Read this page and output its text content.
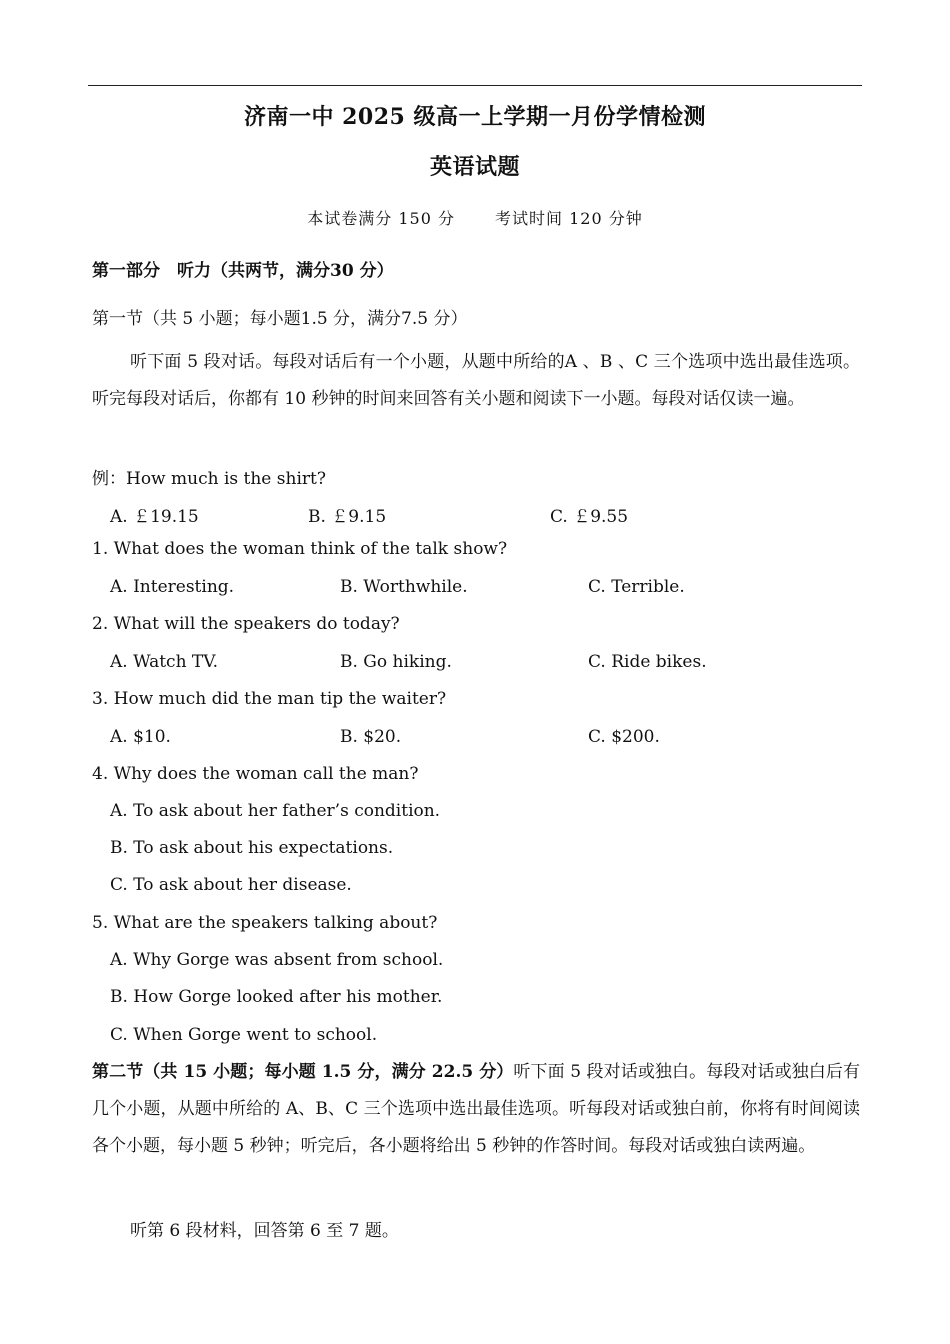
济南一中 2025 级高一上学期一月份学情检测
英语试题
本试卷满分 150 分	考试时间 120 分钟
第一部分　听力（共两节，满分30 分）
第一节（共 5 小题；每小题1.5 分，满分7.5 分）
听下面 5 段对话。每段对话后有一个小题，从题中所给的A 、B 、C 三个选项中选出最佳选项。听完每段对话后，你都有 10 秒钟的时间来回答有关小题和阅读下一小题。每段对话仅读一遍。
例：How much is the shirt?
A. ￡19.15	B. ￡9.15	C. ￡9.55
1. What does the woman think of the talk show?
A. Interesting.	B. Worthwhile.	C. Terrible.
2. What will the speakers do today?
A. Watch TV.	B. Go hiking.	C. Ride bikes.
3. How much did the man tip the waiter?
A. $10.	B. $20.	C. $200.
4. Why does the woman call the man?
A. To ask about her father’s condition.
B. To ask about his expectations.
C. To ask about her disease.
5. What are the speakers talking about?
A. Why Gorge was absent from school.
B. How Gorge looked after his mother.
C. When Gorge went to school.
第二节（共 15 小题；每小题 1.5 分，满分 22.5 分）听下面 5 段对话或独白。每段对话或独白后有几个小题，从题中所给的 A、B、C 三个选项中选出最佳选项。听每段对话或独白前，你将有时间阅读各个小题，每小题 5 秒钟；听完后，各小题将给出 5 秒钟的作答时间。每段对话或独白读两遍。
听第 6 段材料，回答第 6 至 7 题。
